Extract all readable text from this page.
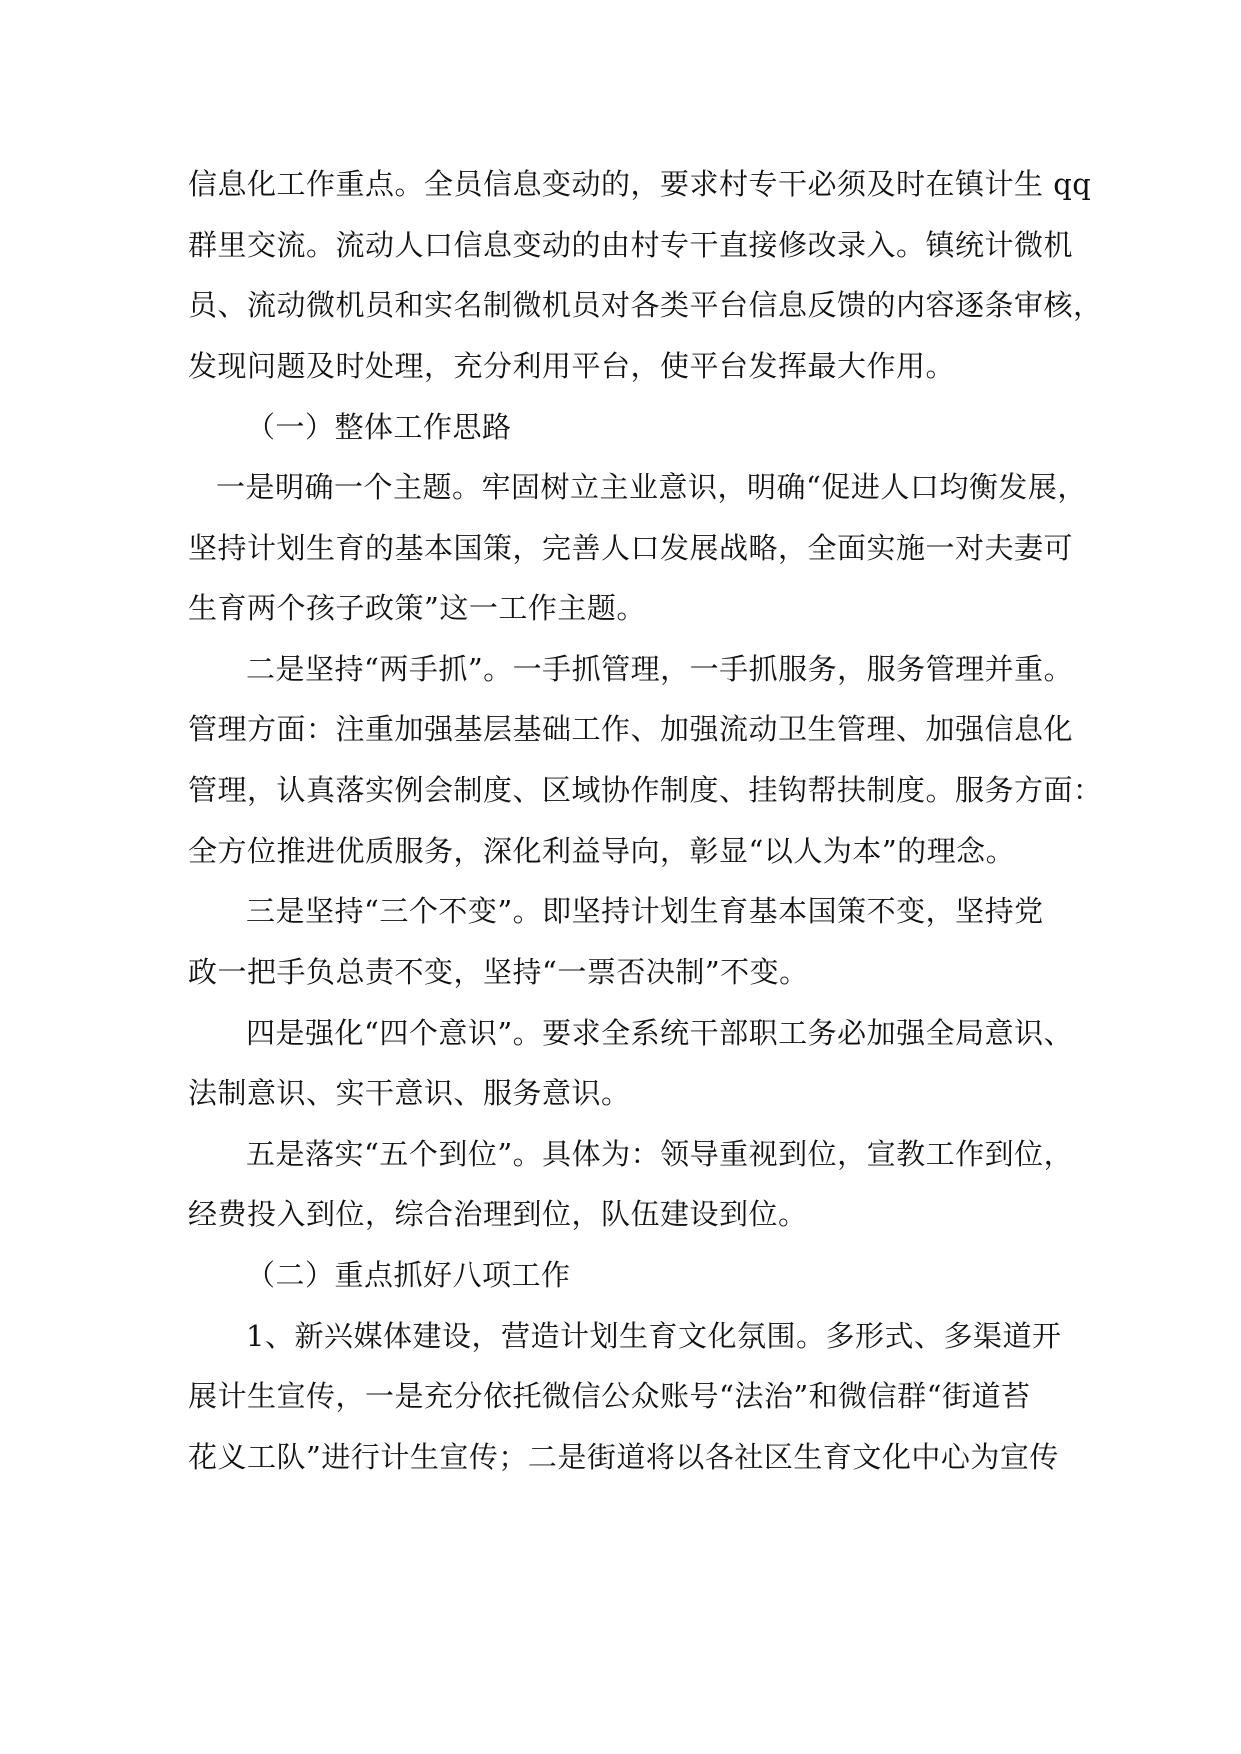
信息化工作重点。全员信息变动的，要求村专干必须及时在镇计生 qq
群里交流。流动人口信息变动的由村专干直接修改录入。镇统计微机
员、流动微机员和实名制微机员对各类平台信息反馈的内容逐条审核，
发现问题及时处理，充分利用平台，使平台发挥最大作用。
（一）整体工作思路
一是明确一个主题。牢固树立主业意识，明确“促进人口均衡发展，
坚持计划生育的基本国策，完善人口发展战略，全面实施一对夫妻可
生育两个孩子政策”这一工作主题。
二是坚持“两手抓”。一手抓管理，一手抓服务，服务管理并重。
管理方面：注重加强基层基础工作、加强流动卫生管理、加强信息化
管理，认真落实例会制度、区域协作制度、挂钩帮扶制度。服务方面：
全方位推进优质服务，深化利益导向，彰显“以人为本”的理念。
三是坚持“三个不变”。即坚持计划生育基本国策不变，坚持党
政一把手负总责不变，坚持“一票否决制”不变。
四是强化“四个意识”。要求全系统干部职工务必加强全局意识、
法制意识、实干意识、服务意识。
五是落实“五个到位”。具体为：领导重视到位，宣教工作到位，
经费投入到位，综合治理到位，队伍建设到位。
（二）重点抓好八项工作
1、新兴媒体建设，营造计划生育文化氛围。多形式、多渠道开
展计生宣传，一是充分依托微信公众账号“法治”和微信群“街道苔
花义工队”进行计生宣传；二是街道将以各社区生育文化中心为宣传
